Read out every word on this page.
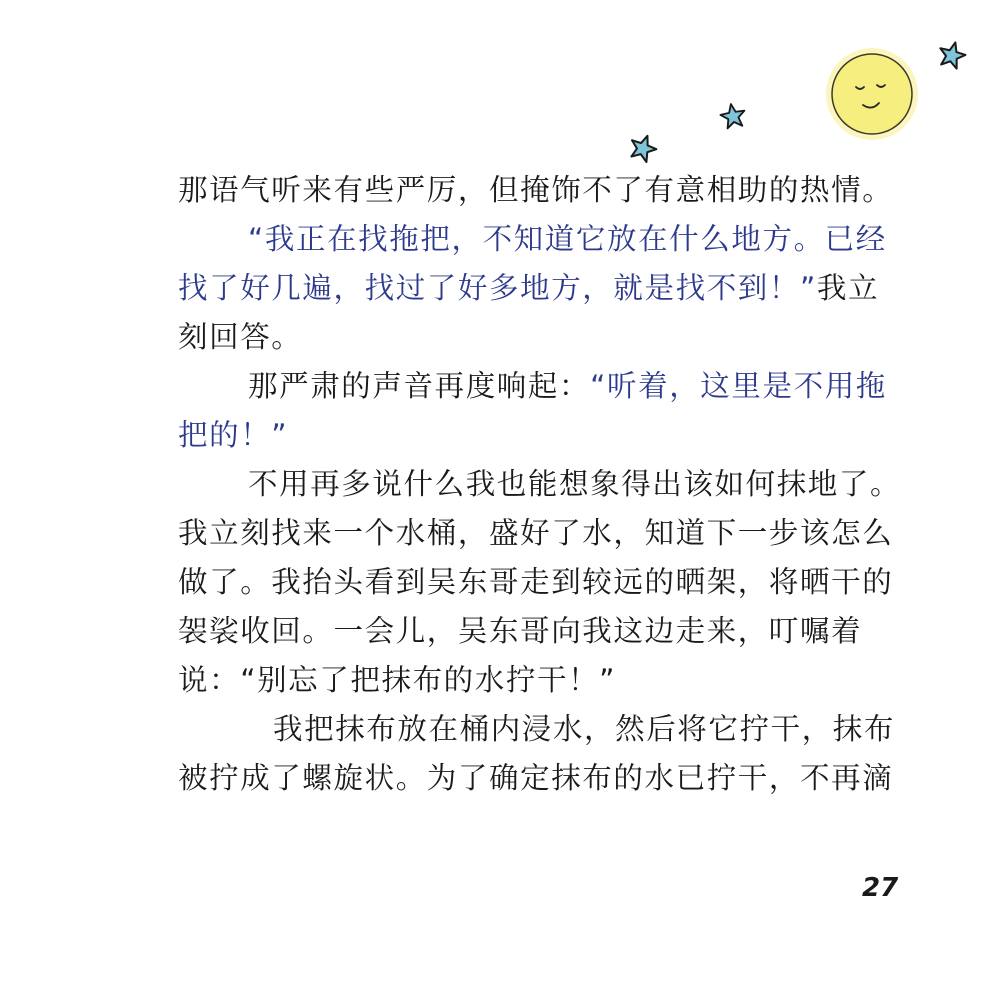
那语气听来有些严厉，但掩饰不了有意相助的热情。
“我正在找拖把，不知道它放在什么地方。已经
找了好几遍，找过了好多地方，就是找不到！”我立
刻回答。
那严肃的声音再度响起：“听着，这里是不用拖
把的！”
不用再多说什么我也能想象得出该如何抹地了。
我立刻找来一个水桶，盛好了水，知道下一步该怎么
做了。我抬头看到吴东哥走到较远的晒架，将晒干的
袈裟收回。一会儿，吴东哥向我这边走来，叮嘱着
说：“别忘了把抹布的水拧干！”
我把抹布放在桶内浸水，然后将它拧干，抹布
被拧成了螺旋状。为了确定抹布的水已拧干，不再滴
27
